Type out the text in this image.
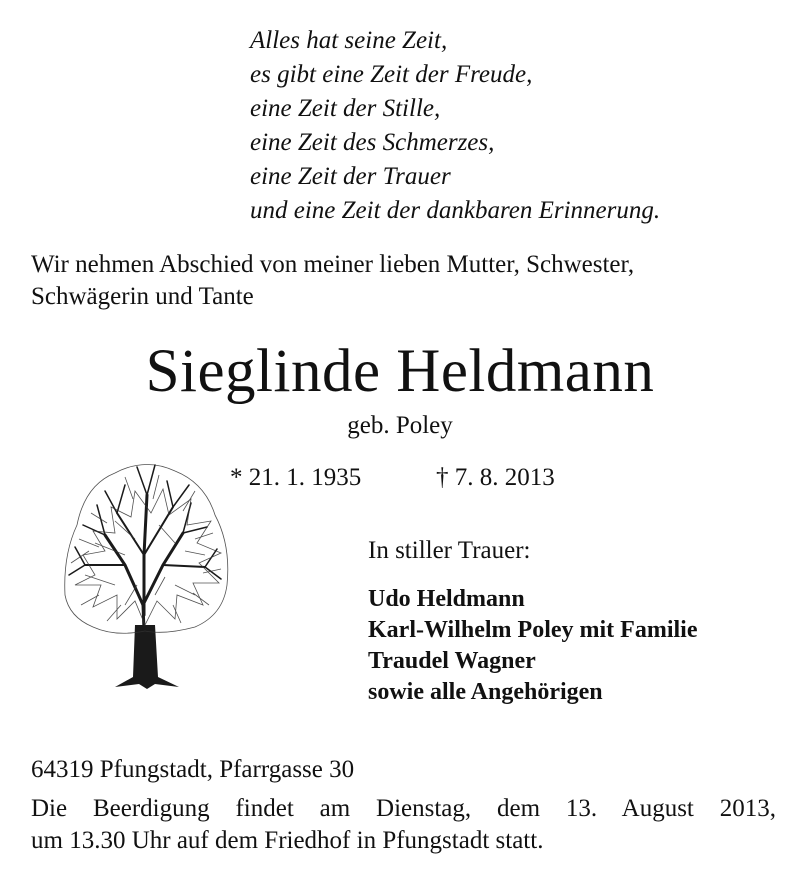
Alles hat seine Zeit,
es gibt eine Zeit der Freude,
eine Zeit der Stille,
eine Zeit des Schmerzes,
eine Zeit der Trauer
und eine Zeit der dankbaren Erinnerung.
Wir nehmen Abschied von meiner lieben Mutter, Schwester,
Schwägerin und Tante
Sieglinde Heldmann
geb. Poley
* 21. 1. 1935	† 7. 8. 2013
In stiller Trauer:
Udo Heldmann
Karl-Wilhelm Poley mit Familie
Traudel Wagner
sowie alle Angehörigen
64319 Pfungstadt, Pfarrgasse 30
Die Beerdigung findet am Dienstag, dem 13. August 2013,
um 13.30 Uhr auf dem Friedhof in Pfungstadt statt.
